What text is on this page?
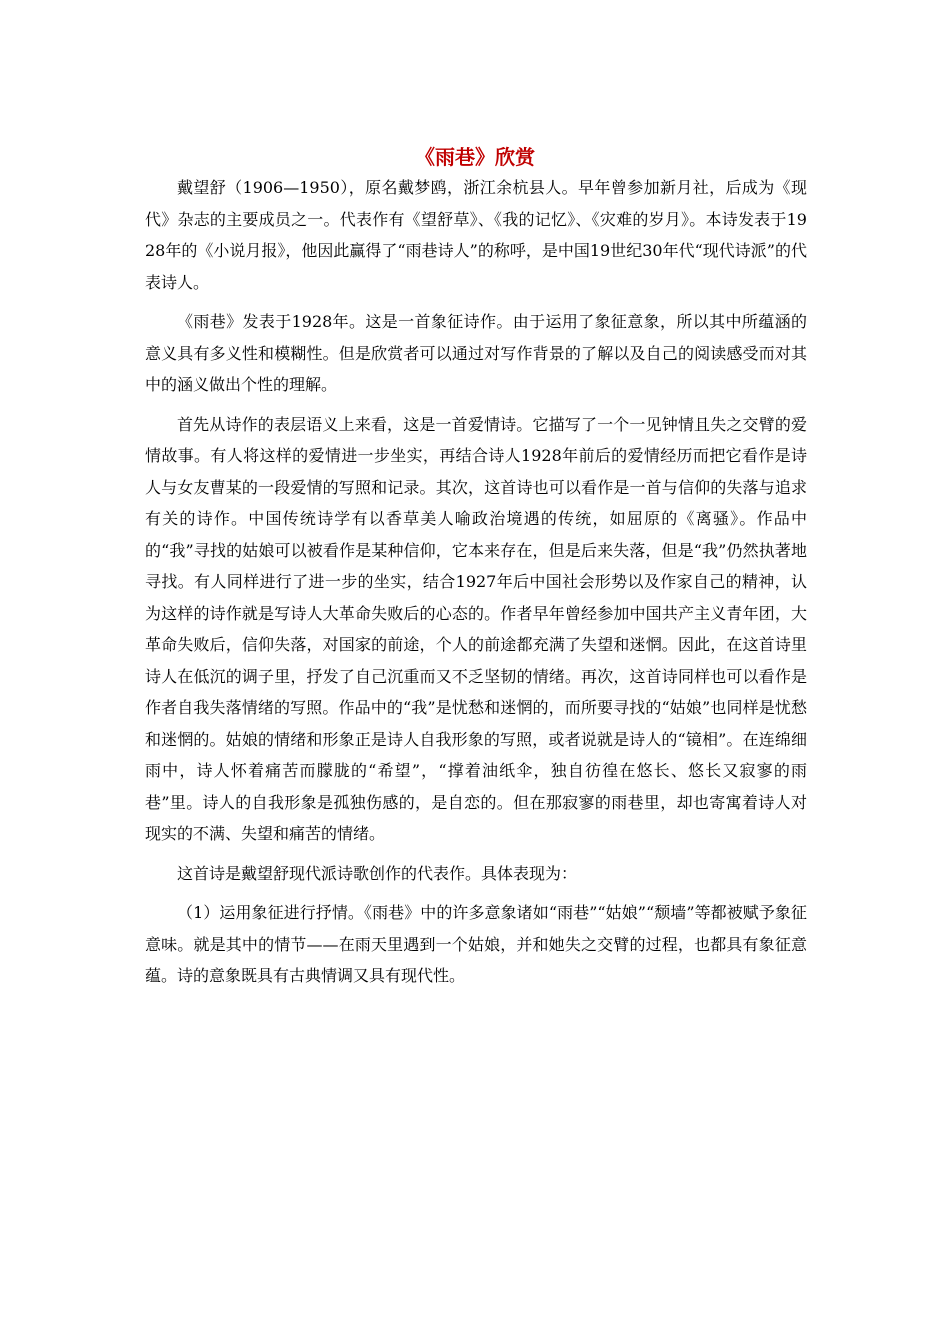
《雨巷》欣赏

戴望舒（1906—1950），原名戴梦鸥，浙江余杭县人。早年曾参加新月社，后成为《现代》杂志的主要成员之一。代表作有《望舒草》、《我的记忆》、《灾难的岁月》。本诗发表于1928年的《小说月报》，他因此赢得了“雨巷诗人”的称呼，是中国19世纪30年代“现代诗派”的代表诗人。

《雨巷》发表于1928年。这是一首象征诗作。由于运用了象征意象，所以其中所蕴涵的意义具有多义性和模糊性。但是欣赏者可以通过对写作背景的了解以及自己的阅读感受而对其中的涵义做出个性的理解。

首先从诗作的表层语义上来看，这是一首爱情诗。它描写了一个一见钟情且失之交臂的爱情故事。有人将这样的爱情进一步坐实，再结合诗人1928年前后的爱情经历而把它看作是诗人与女友曹某的一段爱情的写照和记录。其次，这首诗也可以看作是一首与信仰的失落与追求有关的诗作。中国传统诗学有以香草美人喻政治境遇的传统，如屈原的《离骚》。作品中的“我”寻找的姑娘可以被看作是某种信仰，它本来存在，但是后来失落，但是“我”仍然执著地寻找。有人同样进行了进一步的坐实，结合1927年后中国社会形势以及作家自己的精神，认为这样的诗作就是写诗人大革命失败后的心态的。作者早年曾经参加中国共产主义青年团，大革命失败后，信仰失落，对国家的前途，个人的前途都充满了失望和迷惘。因此，在这首诗里诗人在低沉的调子里，抒发了自己沉重而又不乏坚韧的情绪。再次，这首诗同样也可以看作是作者自我失落情绪的写照。作品中的“我”是忧愁和迷惘的，而所要寻找的“姑娘”也同样是忧愁和迷惘的。姑娘的情绪和形象正是诗人自我形象的写照，或者说就是诗人的“镜相”。在连绵细雨中，诗人怀着痛苦而朦胧的“希望”，“撑着油纸伞，独自彷徨在悠长、悠长又寂寥的雨巷”里。诗人的自我形象是孤独伤感的，是自恋的。但在那寂寥的雨巷里，却也寄寓着诗人对现实的不满、失望和痛苦的情绪。

这首诗是戴望舒现代派诗歌创作的代表作。具体表现为：

（1）运用象征进行抒情。《雨巷》中的许多意象诸如“雨巷”“姑娘”“颓墙”等都被赋予象征意味。就是其中的情节——在雨天里遇到一个姑娘，并和她失之交臂的过程，也都具有象征意蕴。诗的意象既具有古典情调又具有现代性。
